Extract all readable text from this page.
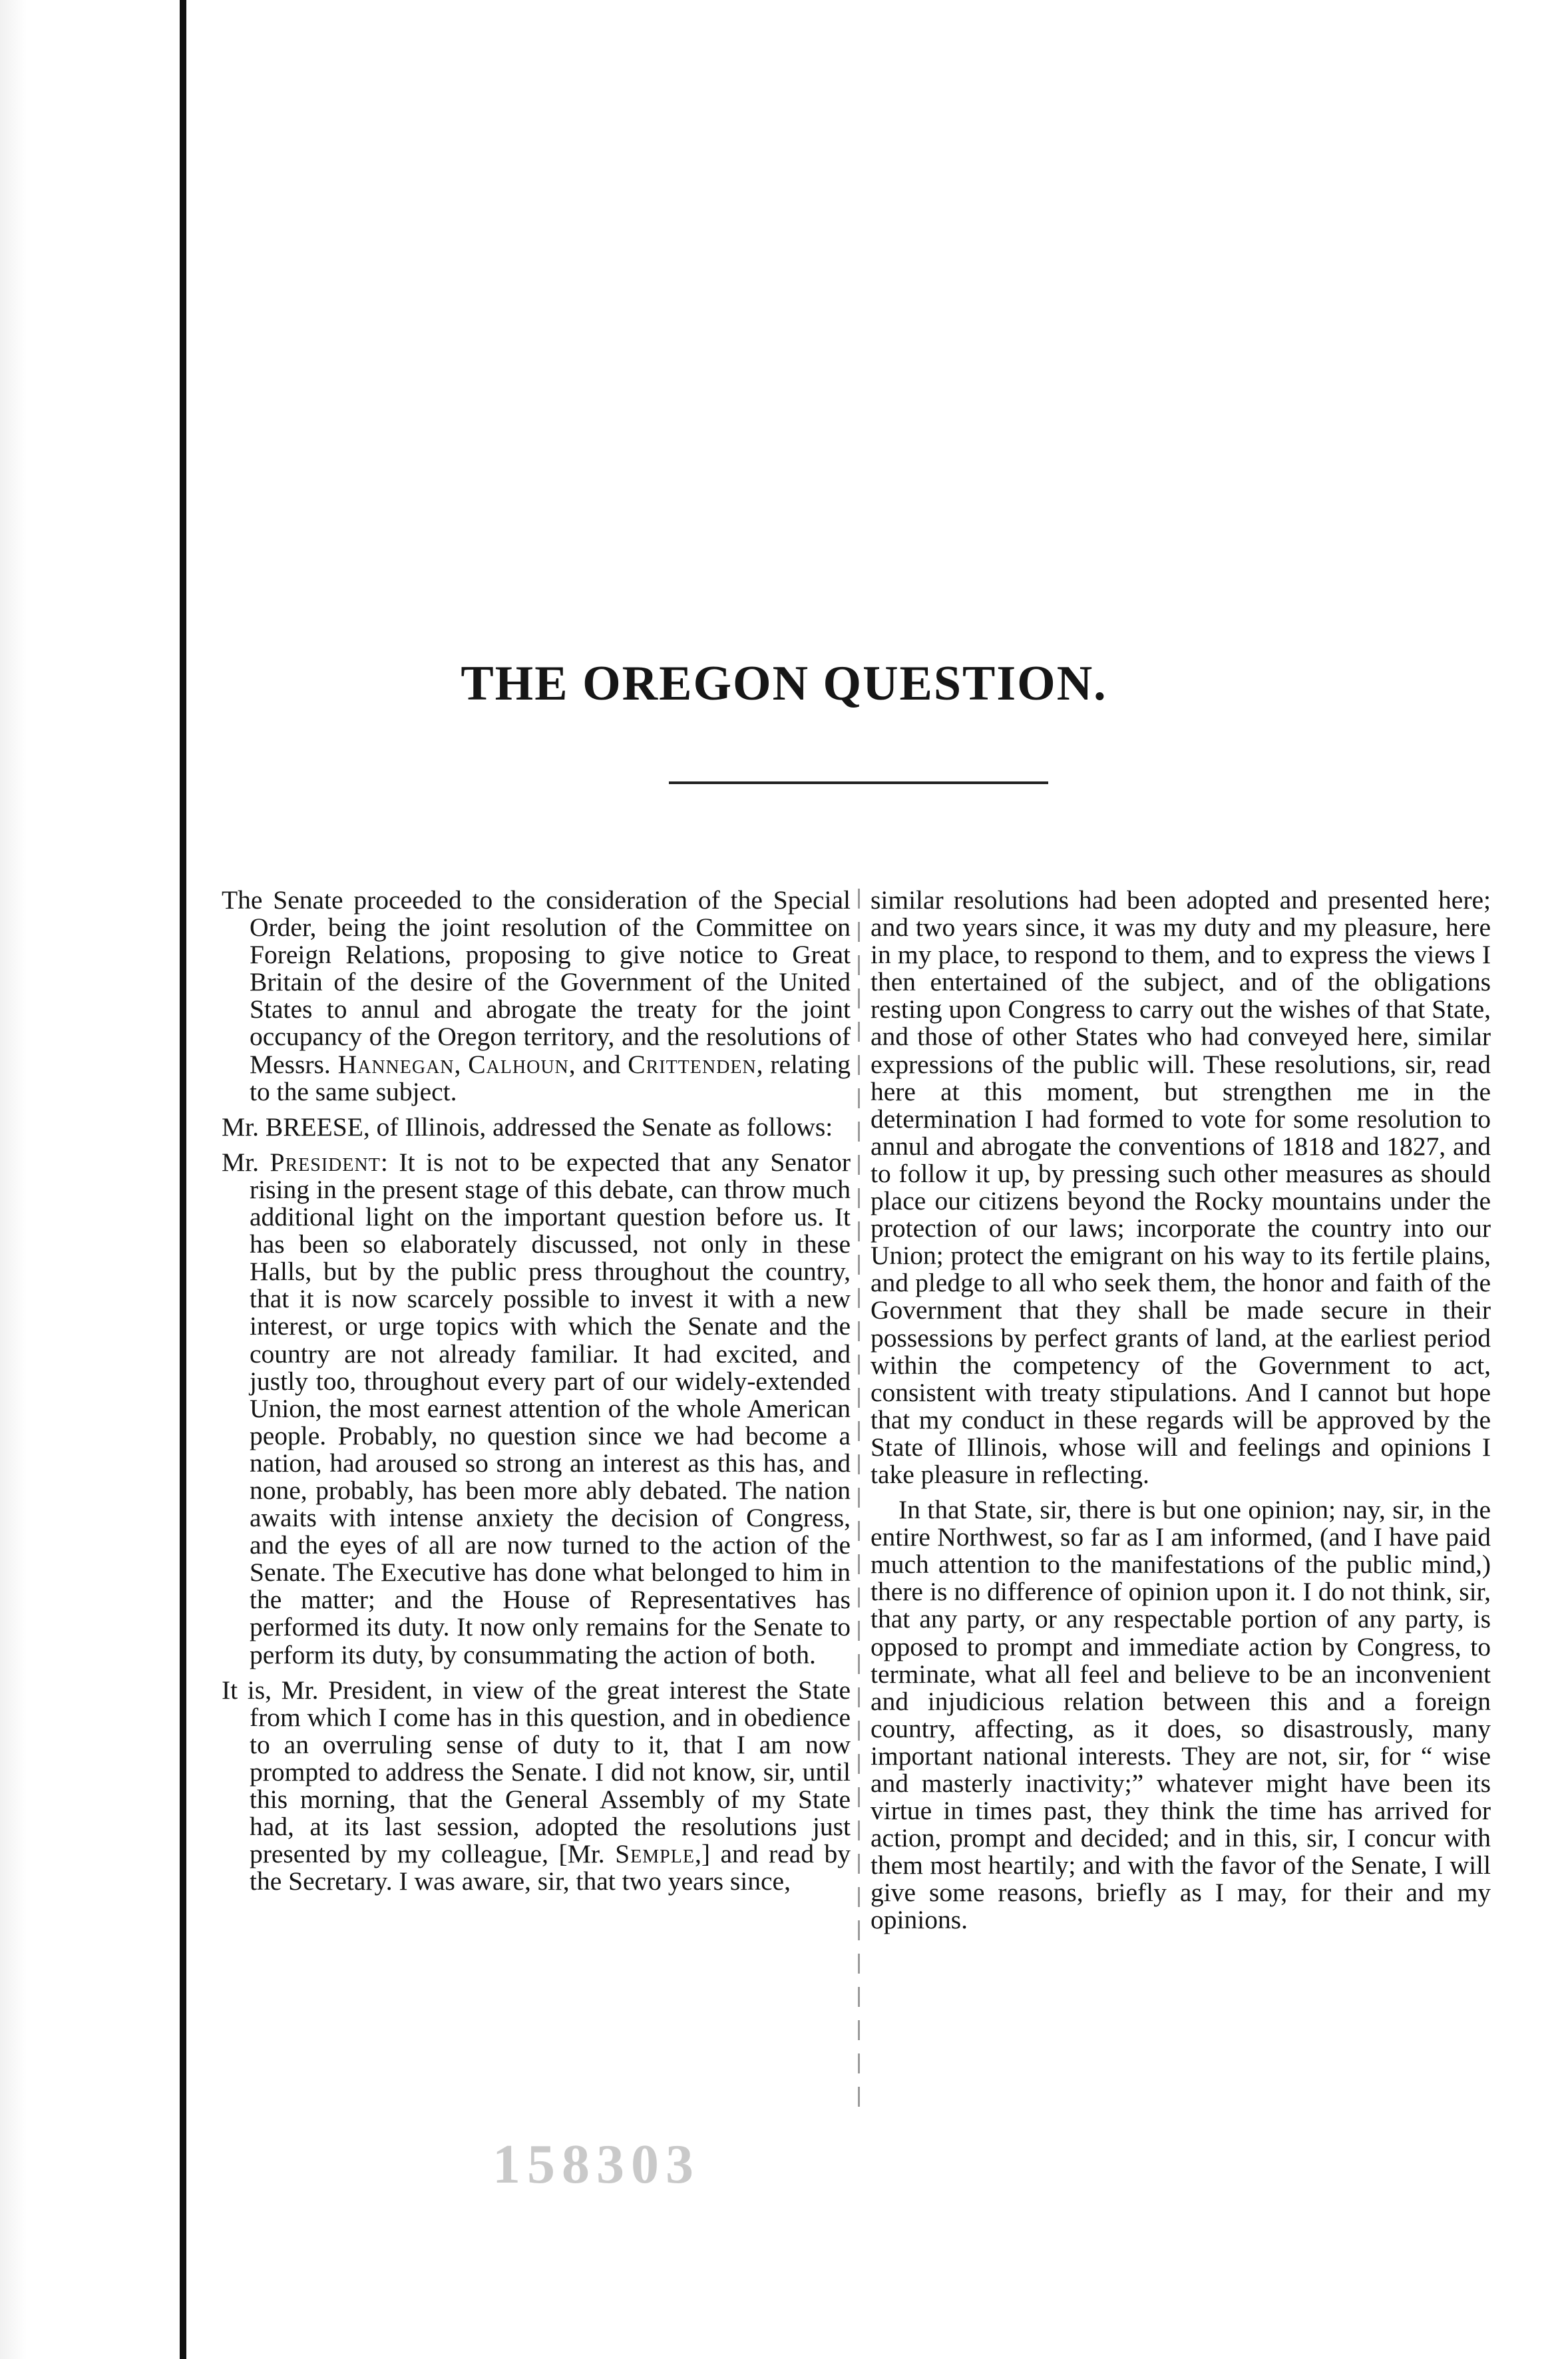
THE OREGON QUESTION.

The Senate proceeded to the consideration of the Special Order, being the joint resolution of the Committee on Foreign Relations, proposing to give notice to Great Britain of the desire of the Government of the United States to annul and abrogate the treaty for the joint occupancy of the Oregon territory, and the resolutions of Messrs. Hannegan, Calhoun, and Crittenden, relating to the same subject.

Mr. BREESE, of Illinois, addressed the Senate as follows:

Mr. President: It is not to be expected that any Senator rising in the present stage of this debate, can throw much additional light on the important question before us. It has been so elaborately discussed, not only in these Halls, but by the public press throughout the country, that it is now scarcely possible to invest it with a new interest, or urge topics with which the Senate and the country are not already familiar. It had excited, and justly too, throughout every part of our widely-extended Union, the most earnest attention of the whole American people. Probably, no question since we had become a nation, had aroused so strong an interest as this has, and none, probably, has been more ably debated. The nation awaits with intense anxiety the decision of Congress, and the eyes of all are now turned to the action of the Senate. The Executive has done what belonged to him in the matter; and the House of Representatives has performed its duty. It now only remains for the Senate to perform its duty, by consummating the action of both.

It is, Mr. President, in view of the great interest the State from which I come has in this question, and in obedience to an overruling sense of duty to it, that I am now prompted to address the Senate. I did not know, sir, until this morning, that the General Assembly of my State had, at its last session, adopted the resolutions just presented by my colleague, [Mr. Semple,] and read by the Secretary. I was aware, sir, that two years since,

similar resolutions had been adopted and presented here; and two years since, it was my duty and my pleasure, here in my place, to respond to them, and to express the views I then entertained of the subject, and of the obligations resting upon Congress to carry out the wishes of that State, and those of other States who had conveyed here, similar expressions of the public will. These resolutions, sir, read here at this moment, but strengthen me in the determination I had formed to vote for some resolution to annul and abrogate the conventions of 1818 and 1827, and to follow it up, by pressing such other measures as should place our citizens beyond the Rocky mountains under the protection of our laws; incorporate the country into our Union; protect the emigrant on his way to its fertile plains, and pledge to all who seek them, the honor and faith of the Government that they shall be made secure in their possessions by perfect grants of land, at the earliest period within the competency of the Government to act, consistent with treaty stipulations. And I cannot but hope that my conduct in these regards will be approved by the State of Illinois, whose will and feelings and opinions I take pleasure in reflecting.

In that State, sir, there is but one opinion; nay, sir, in the entire Northwest, so far as I am informed, (and I have paid much attention to the manifestations of the public mind,) there is no difference of opinion upon it. I do not think, sir, that any party, or any respectable portion of any party, is opposed to prompt and immediate action by Congress, to terminate, what all feel and believe to be an inconvenient and injudicious relation between this and a foreign country, affecting, as it does, so disastrously, many important national interests. They are not, sir, for “ wise and masterly inactivity;” whatever might have been its virtue in times past, they think the time has arrived for action, prompt and decided; and in this, sir, I concur with them most heartily; and with the favor of the Senate, I will give some reasons, briefly as I may, for their and my opinions.

158303
